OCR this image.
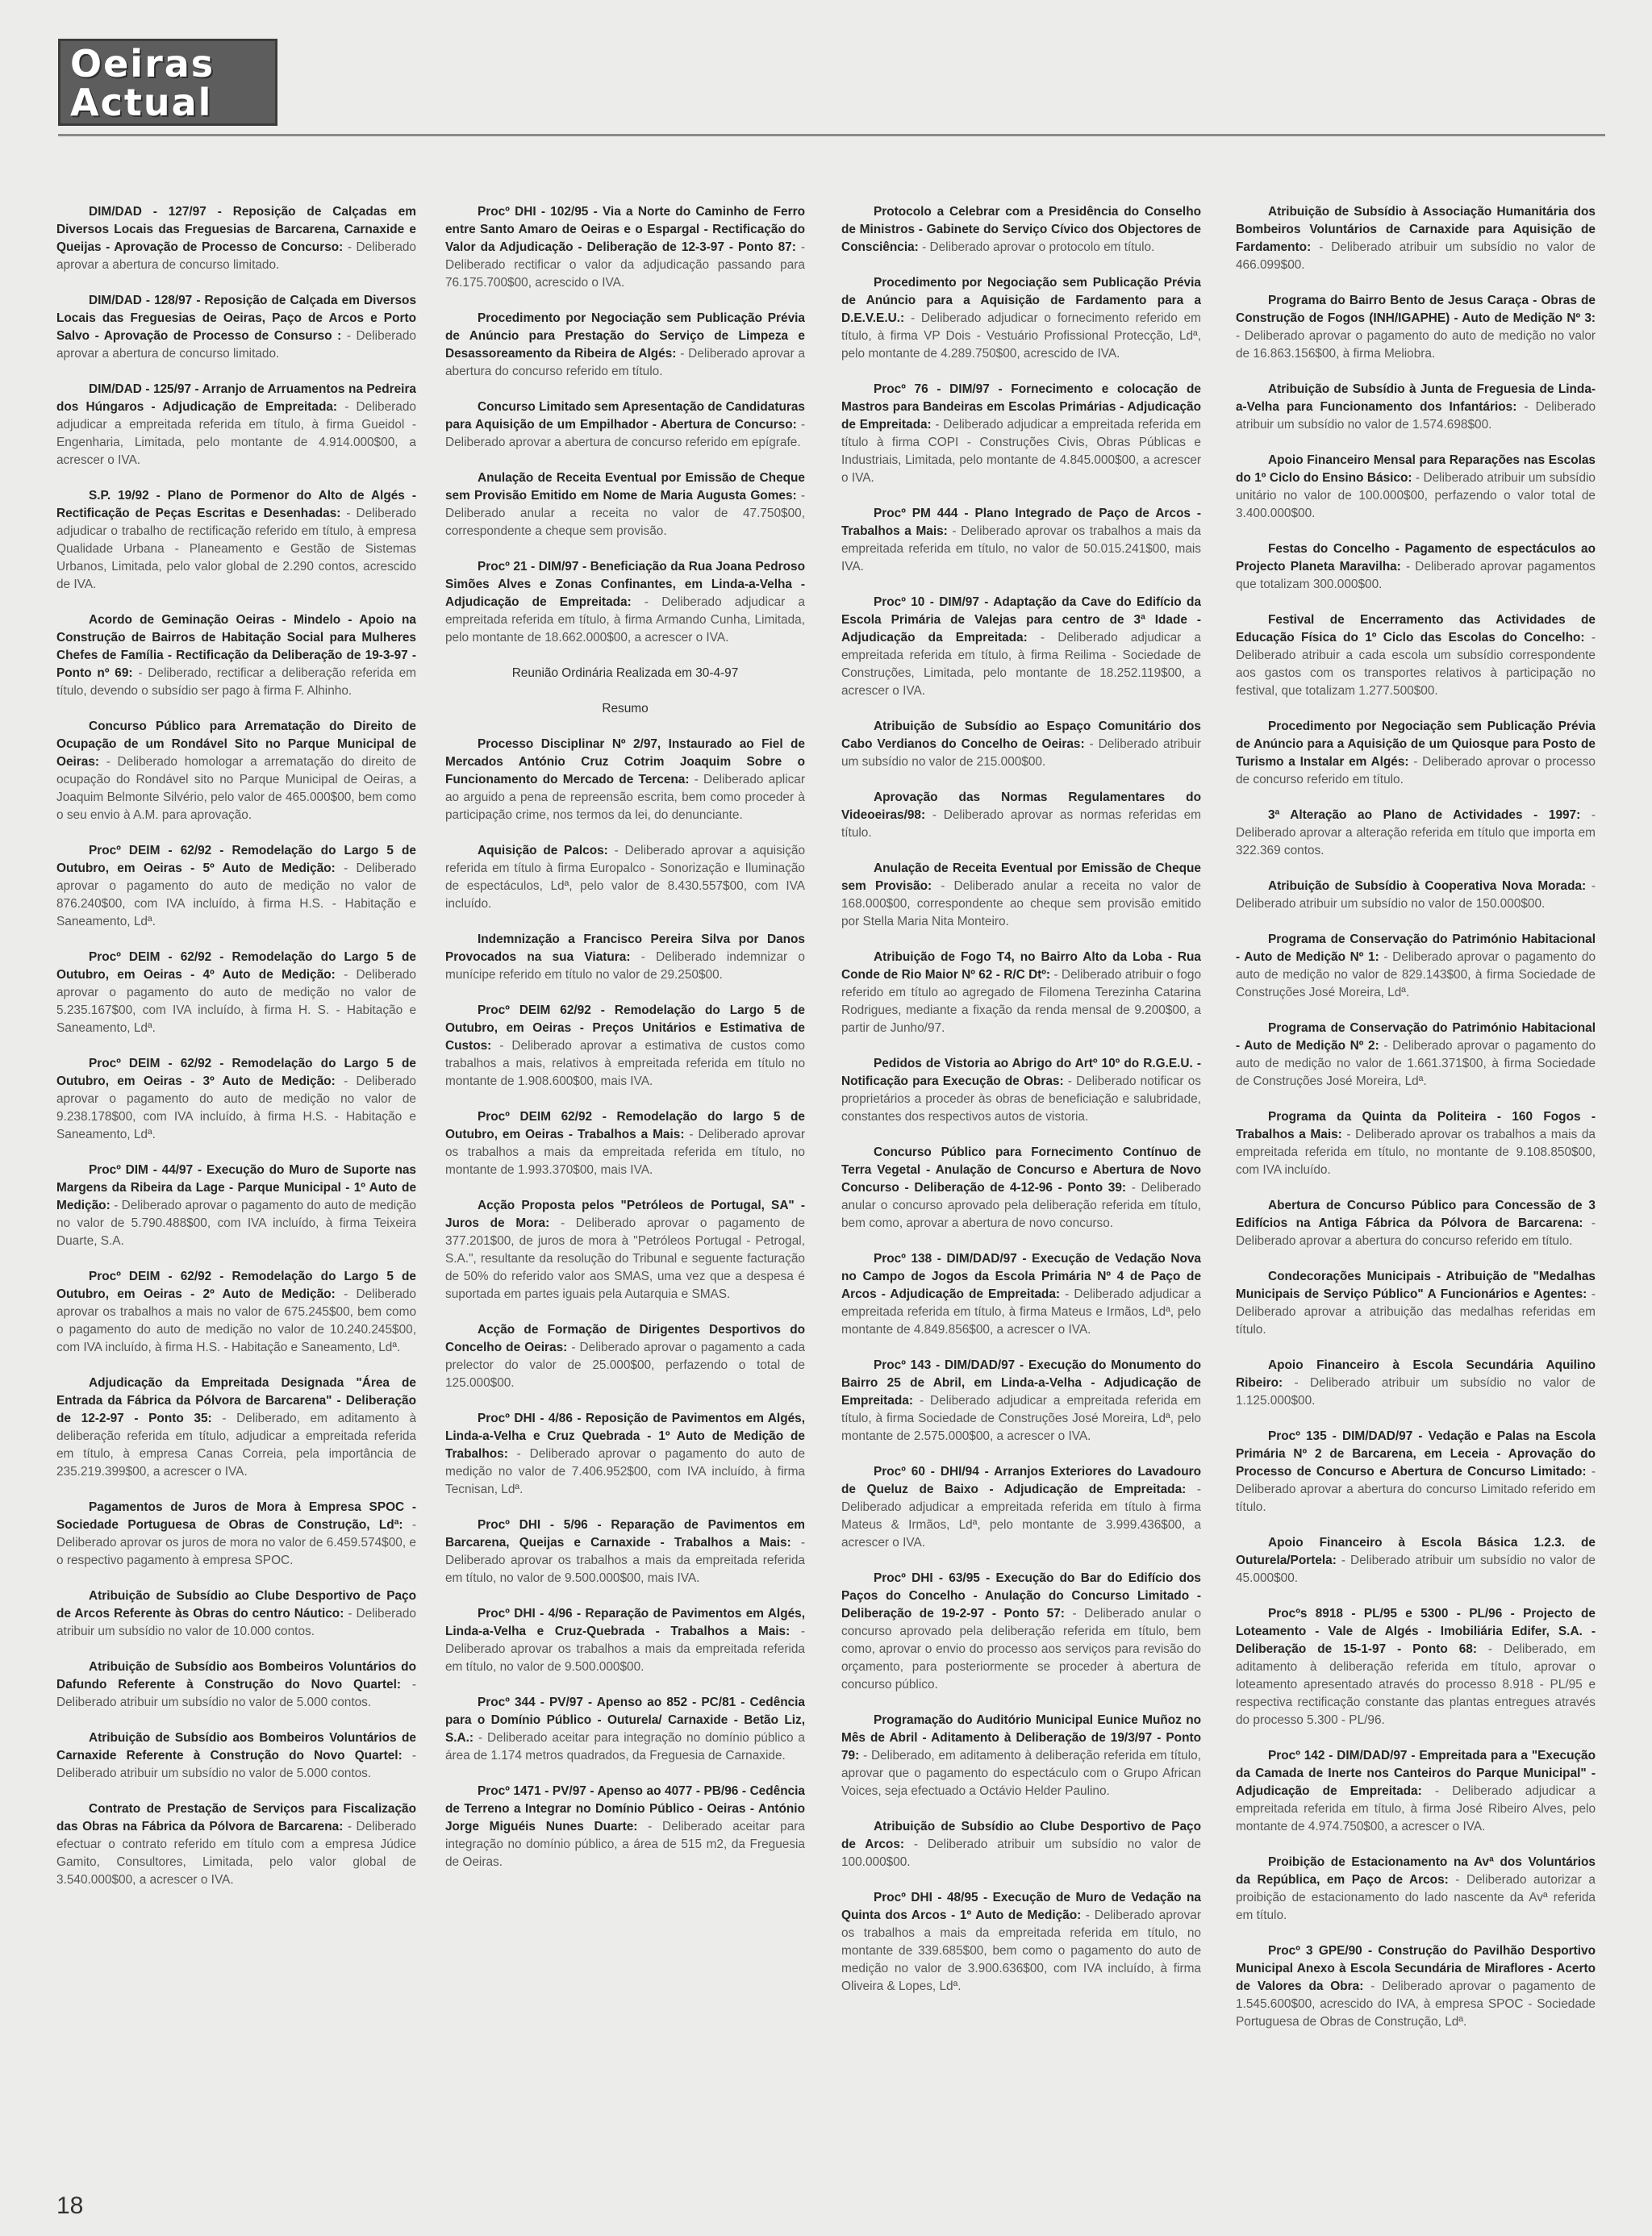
Oeiras
Actual

DIM/DAD - 127/97 - Reposição de Calçadas em Diversos Locais das Freguesias de Barcarena, Carnaxide e Queijas - Aprovação de Processo de Concurso: - Deliberado aprovar a abertura de concurso limitado.

DIM/DAD - 128/97 - Reposição de Calçada em Diversos Locais das Freguesias de Oeiras, Paço de Arcos e Porto Salvo - Aprovação de Processo de Consurso : - Deliberado aprovar a abertura de concurso limitado.

DIM/DAD - 125/97 - Arranjo de Arruamentos na Pedreira dos Húngaros - Adjudicação de Empreitada: - Deliberado adjudicar a empreitada referida em título, à firma Gueidol - Engenharia, Limitada, pelo montante de 4.914.000$00, a acrescer o IVA.

S.P. 19/92 - Plano de Pormenor do Alto de Algés - Rectificação de Peças Escritas e Desenhadas: - Deliberado adjudicar o trabalho de rectificação referido em título, à empresa Qualidade Urbana - Planeamento e Gestão de Sistemas Urbanos, Limitada, pelo valor global de 2.290 contos, acrescido de IVA.

Acordo de Geminação Oeiras - Mindelo - Apoio na Construção de Bairros de Habitação Social para Mulheres Chefes de Família - Rectificação da Deliberação de 19-3-97 - Ponto nº 69: - Deliberado, rectificar a deliberação referida em título, devendo o subsídio ser pago à firma F. Alhinho.

Concurso Público para Arrematação do Direito de Ocupação de um Rondável Sito no Parque Municipal de Oeiras: - Deliberado homologar a arrematação do direito de ocupação do Rondável sito no Parque Municipal de Oeiras, a Joaquim Belmonte Silvério, pelo valor de 465.000$00, bem como o seu envio à A.M. para aprovação.

Procº DEIM - 62/92 - Remodelação do Largo 5 de Outubro, em Oeiras - 5º Auto de Medição: - Deliberado aprovar o pagamento do auto de medição no valor de 876.240$00, com IVA incluído, à firma H.S. - Habitação e Saneamento, Ldª.

Procº DEIM - 62/92 - Remodelação do Largo 5 de Outubro, em Oeiras - 4º Auto de Medição: - Deliberado aprovar o pagamento do auto de medição no valor de 5.235.167$00, com IVA incluído, à firma H. S. - Habitação e Saneamento, Ldª.

Procº DEIM - 62/92 - Remodelação do Largo 5 de Outubro, em Oeiras - 3º Auto de Medição: - Deliberado aprovar o pagamento do auto de medição no valor de 9.238.178$00, com IVA incluído, à firma H.S. - Habitação e Saneamento, Ldª.

Procº DIM - 44/97 - Execução do Muro de Suporte nas Margens da Ribeira da Lage - Parque Municipal - 1º Auto de Medição: - Deliberado aprovar o pagamento do auto de medição no valor de 5.790.488$00, com IVA incluído, à firma Teixeira Duarte, S.A.

Procº DEIM - 62/92 - Remodelação do Largo 5 de Outubro, em Oeiras - 2º Auto de Medição: - Deliberado aprovar os trabalhos a mais no valor de 675.245$00, bem como o pagamento do auto de medição no valor de 10.240.245$00, com IVA incluído, à firma H.S. - Habitação e Saneamento, Ldª.

Adjudicação da Empreitada Designada "Área de Entrada da Fábrica da Pólvora de Barcarena" - Deliberação de 12-2-97 - Ponto 35: - Deliberado, em aditamento à deliberação referida em título, adjudicar a empreitada referida em título, à empresa Canas Correia, pela importância de 235.219.399$00, a acrescer o IVA.

Pagamentos de Juros de Mora à Empresa SPOC - Sociedade Portuguesa de Obras de Construção, Ldª: - Deliberado aprovar os juros de mora no valor de 6.459.574$00, e o respectivo pagamento à empresa SPOC.

Atribuição de Subsídio ao Clube Desportivo de Paço de Arcos Referente às Obras do centro Náutico: - Deliberado atribuir um subsídio no valor de 10.000 contos.

Atribuição de Subsídio aos Bombeiros Voluntários do Dafundo Referente à Construção do Novo Quartel: - Deliberado atribuir um subsídio no valor de 5.000 contos.

Atribuição de Subsídio aos Bombeiros Voluntários de Carnaxide Referente à Construção do Novo Quartel: - Deliberado atribuir um subsídio no valor de 5.000 contos.

Contrato de Prestação de Serviços para Fiscalização das Obras na Fábrica da Pólvora de Barcarena: - Deliberado efectuar o contrato referido em título com a empresa Júdice Gamito, Consultores, Limitada, pelo valor global de 3.540.000$00, a acrescer o IVA.

Procº DHI - 102/95 - Via a Norte do Caminho de Ferro entre Santo Amaro de Oeiras e o Espargal - Rectificação do Valor da Adjudicação - Deliberação de 12-3-97 - Ponto 87: - Deliberado rectificar o valor da adjudicação passando para 76.175.700$00, acrescido o IVA.

Procedimento por Negociação sem Publicação Prévia de Anúncio para Prestação do Serviço de Limpeza e Desassoreamento da Ribeira de Algés: - Deliberado aprovar a abertura do concurso referido em título.

Concurso Limitado sem Apresentação de Candidaturas para Aquisição de um Empilhador - Abertura de Concurso: - Deliberado aprovar a abertura de concurso referido em epígrafe.

Anulação de Receita Eventual por Emissão de Cheque sem Provisão Emitido em Nome de Maria Augusta Gomes: - Deliberado anular a receita no valor de 47.750$00, correspondente a cheque sem provisão.

Procº 21 - DIM/97 - Beneficiação da Rua Joana Pedroso Simões Alves e Zonas Confinantes, em Linda-a-Velha - Adjudicação de Empreitada: - Deliberado adjudicar a empreitada referida em título, à firma Armando Cunha, Limitada, pelo montante de 18.662.000$00, a acrescer o IVA.

Reunião Ordinária Realizada em 30-4-97

Resumo

Processo Disciplinar Nº 2/97, Instaurado ao Fiel de Mercados António Cruz Cotrim Joaquim Sobre o Funcionamento do Mercado de Tercena: - Deliberado aplicar ao arguido a pena de repreensão escrita, bem como proceder à participação crime, nos termos da lei, do denunciante.

Aquisição de Palcos: - Deliberado aprovar a aquisição referida em título à firma Europalco - Sonorização e Iluminação de espectáculos, Ldª, pelo valor de 8.430.557$00, com IVA incluído.

Indemnização a Francisco Pereira Silva por Danos Provocados na sua Viatura: - Deliberado indemnizar o munícipe referido em título no valor de 29.250$00.

Procº DEIM 62/92 - Remodelação do Largo 5 de Outubro, em Oeiras - Preços Unitários e Estimativa de Custos: - Deliberado aprovar a estimativa de custos como trabalhos a mais, relativos à empreitada referida em título no montante de 1.908.600$00, mais IVA.

Procº DEIM 62/92 - Remodelação do largo 5 de Outubro, em Oeiras - Trabalhos a Mais: - Deliberado aprovar os trabalhos a mais da empreitada referida em título, no montante de 1.993.370$00, mais IVA.

Acção Proposta pelos "Petróleos de Portugal, SA" - Juros de Mora: - Deliberado aprovar o pagamento de 377.201$00, de juros de mora à "Petróleos Portugal - Petrogal, S.A.", resultante da resolução do Tribunal e seguente facturação de 50% do referido valor aos SMAS, uma vez que a despesa é suportada em partes iguais pela Autarquia e SMAS.

Acção de Formação de Dirigentes Desportivos do Concelho de Oeiras: - Deliberado aprovar o pagamento a cada prelector do valor de 25.000$00, perfazendo o total de 125.000$00.

Procº DHI - 4/86 - Reposição de Pavimentos em Algés, Linda-a-Velha e Cruz Quebrada - 1º Auto de Medição de Trabalhos: - Deliberado aprovar o pagamento do auto de medição no valor de 7.406.952$00, com IVA incluído, à firma Tecnisan, Ldª.

Procº DHI - 5/96 - Reparação de Pavimentos em Barcarena, Queijas e Carnaxide - Trabalhos a Mais: - Deliberado aprovar os trabalhos a mais da empreitada referida em título, no valor de 9.500.000$00, mais IVA.

Procº DHI - 4/96 - Reparação de Pavimentos em Algés, Linda-a-Velha e Cruz-Quebrada - Trabalhos a Mais: - Deliberado aprovar os trabalhos a mais da empreitada referida em título, no valor de 9.500.000$00.

Procº 344 - PV/97 - Apenso ao 852 - PC/81 - Cedência para o Domínio Público - Outurela/ Carnaxide - Betão Liz, S.A.: - Deliberado aceitar para integração no domínio público a área de 1.174 metros quadrados, da Freguesia de Carnaxide.

Procº 1471 - PV/97 - Apenso ao 4077 - PB/96 - Cedência de Terreno a Integrar no Domínio Público - Oeiras - António Jorge Miguéis Nunes Duarte: - Deliberado aceitar para integração no domínio público, a área de 515 m2, da Freguesia de Oeiras.

Protocolo a Celebrar com a Presidência do Conselho de Ministros - Gabinete do Serviço Cívico dos Objectores de Consciência: - Deliberado aprovar o protocolo em título.

Procedimento por Negociação sem Publicação Prévia de Anúncio para a Aquisição de Fardamento para a D.E.V.E.U.: - Deliberado adjudicar o fornecimento referido em título, à firma VP Dois - Vestuário Profissional Protecção, Ldª, pelo montante de 4.289.750$00, acrescido de IVA.

Procº 76 - DIM/97 - Fornecimento e colocação de Mastros para Bandeiras em Escolas Primárias - Adjudicação de Empreitada: - Deliberado adjudicar a empreitada referida em título à firma COPI - Construções Civis, Obras Públicas e Industriais, Limitada, pelo montante de 4.845.000$00, a acrescer o IVA.

Procº PM 444 - Plano Integrado de Paço de Arcos - Trabalhos a Mais: - Deliberado aprovar os trabalhos a mais da empreitada referida em título, no valor de 50.015.241$00, mais IVA.

Procº 10 - DIM/97 - Adaptação da Cave do Edifício da Escola Primária de Valejas para centro de 3ª Idade - Adjudicação da Empreitada: - Deliberado adjudicar a empreitada referida em título, à firma Reilima - Sociedade de Construções, Limitada, pelo montante de 18.252.119$00, a acrescer o IVA.

Atribuição de Subsídio ao Espaço Comunitário dos Cabo Verdianos do Concelho de Oeiras: - Deliberado atribuir um subsídio no valor de 215.000$00.

Aprovação das Normas Regulamentares do Videoeiras/98: - Deliberado aprovar as normas referidas em título.

Anulação de Receita Eventual por Emissão de Cheque sem Provisão: - Deliberado anular a receita no valor de 168.000$00, correspondente ao cheque sem provisão emitido por Stella Maria Nita Monteiro.

Atribuição de Fogo T4, no Bairro Alto da Loba - Rua Conde de Rio Maior Nº 62 - R/C Dtº: - Deliberado atribuir o fogo referido em título ao agregado de Filomena Terezinha Catarina Rodrigues, mediante a fixação da renda mensal de 9.200$00, a partir de Junho/97.

Pedidos de Vistoria ao Abrigo do Artº 10º do R.G.E.U. - Notificação para Execução de Obras: - Deliberado notificar os proprietários a proceder às obras de beneficiação e salubridade, constantes dos respectivos autos de vistoria.

Concurso Público para Fornecimento Contínuo de Terra Vegetal - Anulação de Concurso e Abertura de Novo Concurso - Deliberação de 4-12-96 - Ponto 39: - Deliberado anular o concurso aprovado pela deliberação referida em título, bem como, aprovar a abertura de novo concurso.

Procº 138 - DIM/DAD/97 - Execução de Vedação Nova no Campo de Jogos da Escola Primária Nº 4 de Paço de Arcos - Adjudicação de Empreitada: - Deliberado adjudicar a empreitada referida em título, à firma Mateus e Irmãos, Ldª, pelo montante de 4.849.856$00, a acrescer o IVA.

Procº 143 - DIM/DAD/97 - Execução do Monumento do Bairro 25 de Abril, em Linda-a-Velha - Adjudicação de Empreitada: - Deliberado adjudicar a empreitada referida em título, à firma Sociedade de Construções José Moreira, Ldª, pelo montante de 2.575.000$00, a acrescer o IVA.

Procº 60 - DHI/94 - Arranjos Exteriores do Lavadouro de Queluz de Baixo - Adjudicação de Empreitada: - Deliberado adjudicar a empreitada referida em título à firma Mateus & Irmãos, Ldª, pelo montante de 3.999.436$00, a acrescer o IVA.

Procº DHI - 63/95 - Execução do Bar do Edifício dos Paços do Concelho - Anulação do Concurso Limitado - Deliberação de 19-2-97 - Ponto 57: - Deliberado anular o concurso aprovado pela deliberação referida em título, bem como, aprovar o envio do processo aos serviços para revisão do orçamento, para posteriormente se proceder à abertura de concurso público.

Programação do Auditório Municipal Eunice Muñoz no Mês de Abril - Aditamento à Deliberação de 19/3/97 - Ponto 79: - Deliberado, em aditamento à deliberação referida em título, aprovar que o pagamento do espectáculo com o Grupo African Voices, seja efectuado a Octávio Helder Paulino.

Atribuição de Subsídio ao Clube Desportivo de Paço de Arcos: - Deliberado atribuir um subsídio no valor de 100.000$00.

Procº DHI - 48/95 - Execução de Muro de Vedação na Quinta dos Arcos - 1º Auto de Medição: - Deliberado aprovar os trabalhos a mais da empreitada referida em título, no montante de 339.685$00, bem como o pagamento do auto de medição no valor de 3.900.636$00, com IVA incluído, à firma Oliveira & Lopes, Ldª.

Atribuição de Subsídio à Associação Humanitária dos Bombeiros Voluntários de Carnaxide para Aquisição de Fardamento: - Deliberado atribuir um subsídio no valor de 466.099$00.

Programa do Bairro Bento de Jesus Caraça - Obras de Construção de Fogos (INH/IGAPHE) - Auto de Medição Nº 3: - Deliberado aprovar o pagamento do auto de medição no valor de 16.863.156$00, à firma Meliobra.

Atribuição de Subsídio à Junta de Freguesia de Linda-a-Velha para Funcionamento dos Infantários: - Deliberado atribuir um subsídio no valor de 1.574.698$00.

Apoio Financeiro Mensal para Reparações nas Escolas do 1º Ciclo do Ensino Básico: - Deliberado atribuir um subsídio unitário no valor de 100.000$00, perfazendo o valor total de 3.400.000$00.

Festas do Concelho - Pagamento de espectáculos ao Projecto Planeta Maravilha: - Deliberado aprovar pagamentos que totalizam 300.000$00.

Festival de Encerramento das Actividades de Educação Física do 1º Ciclo das Escolas do Concelho: - Deliberado atribuir a cada escola um subsídio correspondente aos gastos com os transportes relativos à participação no festival, que totalizam 1.277.500$00.

Procedimento por Negociação sem Publicação Prévia de Anúncio para a Aquisição de um Quiosque para Posto de Turismo a Instalar em Algés: - Deliberado aprovar o processo de concurso referido em título.

3ª Alteração ao Plano de Actividades - 1997: - Deliberado aprovar a alteração referida em título que importa em 322.369 contos.

Atribuição de Subsídio à Cooperativa Nova Morada: - Deliberado atribuir um subsídio no valor de 150.000$00.

Programa de Conservação do Património Habitacional - Auto de Medição Nº 1: - Deliberado aprovar o pagamento do auto de medição no valor de 829.143$00, à firma Sociedade de Construções José Moreira, Ldª.

Programa de Conservação do Património Habitacional - Auto de Medição Nº 2: - Deliberado aprovar o pagamento do auto de medição no valor de 1.661.371$00, à firma Sociedade de Construções José Moreira, Ldª.

Programa da Quinta da Politeira - 160 Fogos - Trabalhos a Mais: - Deliberado aprovar os trabalhos a mais da empreitada referida em título, no montante de 9.108.850$00, com IVA incluído.

Abertura de Concurso Público para Concessão de 3 Edifícios na Antiga Fábrica da Pólvora de Barcarena: - Deliberado aprovar a abertura do concurso referido em título.

Condecorações Municipais - Atribuição de "Medalhas Municipais de Serviço Público" A Funcionários e Agentes: - Deliberado aprovar a atribuição das medalhas referidas em título.

Apoio Financeiro à Escola Secundária Aquilino Ribeiro: - Deliberado atribuir um subsídio no valor de 1.125.000$00.

Procº 135 - DIM/DAD/97 - Vedação e Palas na Escola Primária Nº 2 de Barcarena, em Leceia - Aprovação do Processo de Concurso e Abertura de Concurso Limitado: - Deliberado aprovar a abertura do concurso Limitado referido em título.

Apoio Financeiro à Escola Básica 1.2.3. de Outurela/Portela: - Deliberado atribuir um subsídio no valor de 45.000$00.

Procºs 8918 - PL/95 e 5300 - PL/96 - Projecto de Loteamento - Vale de Algés - Imobiliária Edifer, S.A. - Deliberação de 15-1-97 - Ponto 68: - Deliberado, em aditamento à deliberação referida em título, aprovar o loteamento apresentado através do processo 8.918 - PL/95 e respectiva rectificação constante das plantas entregues através do processo 5.300 - PL/96.

Procº 142 - DIM/DAD/97 - Empreitada para a "Execução da Camada de Inerte nos Canteiros do Parque Municipal" - Adjudicação de Empreitada: - Deliberado adjudicar a empreitada referida em título, à firma José Ribeiro Alves, pelo montante de 4.974.750$00, a acrescer o IVA.

Proibição de Estacionamento na Avª dos Voluntários da República, em Paço de Arcos: - Deliberado autorizar a proibição de estacionamento do lado nascente da Avª referida em título.

Procº 3 GPE/90 - Construção do Pavilhão Desportivo Municipal Anexo à Escola Secundária de Miraflores - Acerto de Valores da Obra: - Deliberado aprovar o pagamento de 1.545.600$00, acrescido do IVA, à empresa SPOC - Sociedade Portuguesa de Obras de Construção, Ldª.

18
